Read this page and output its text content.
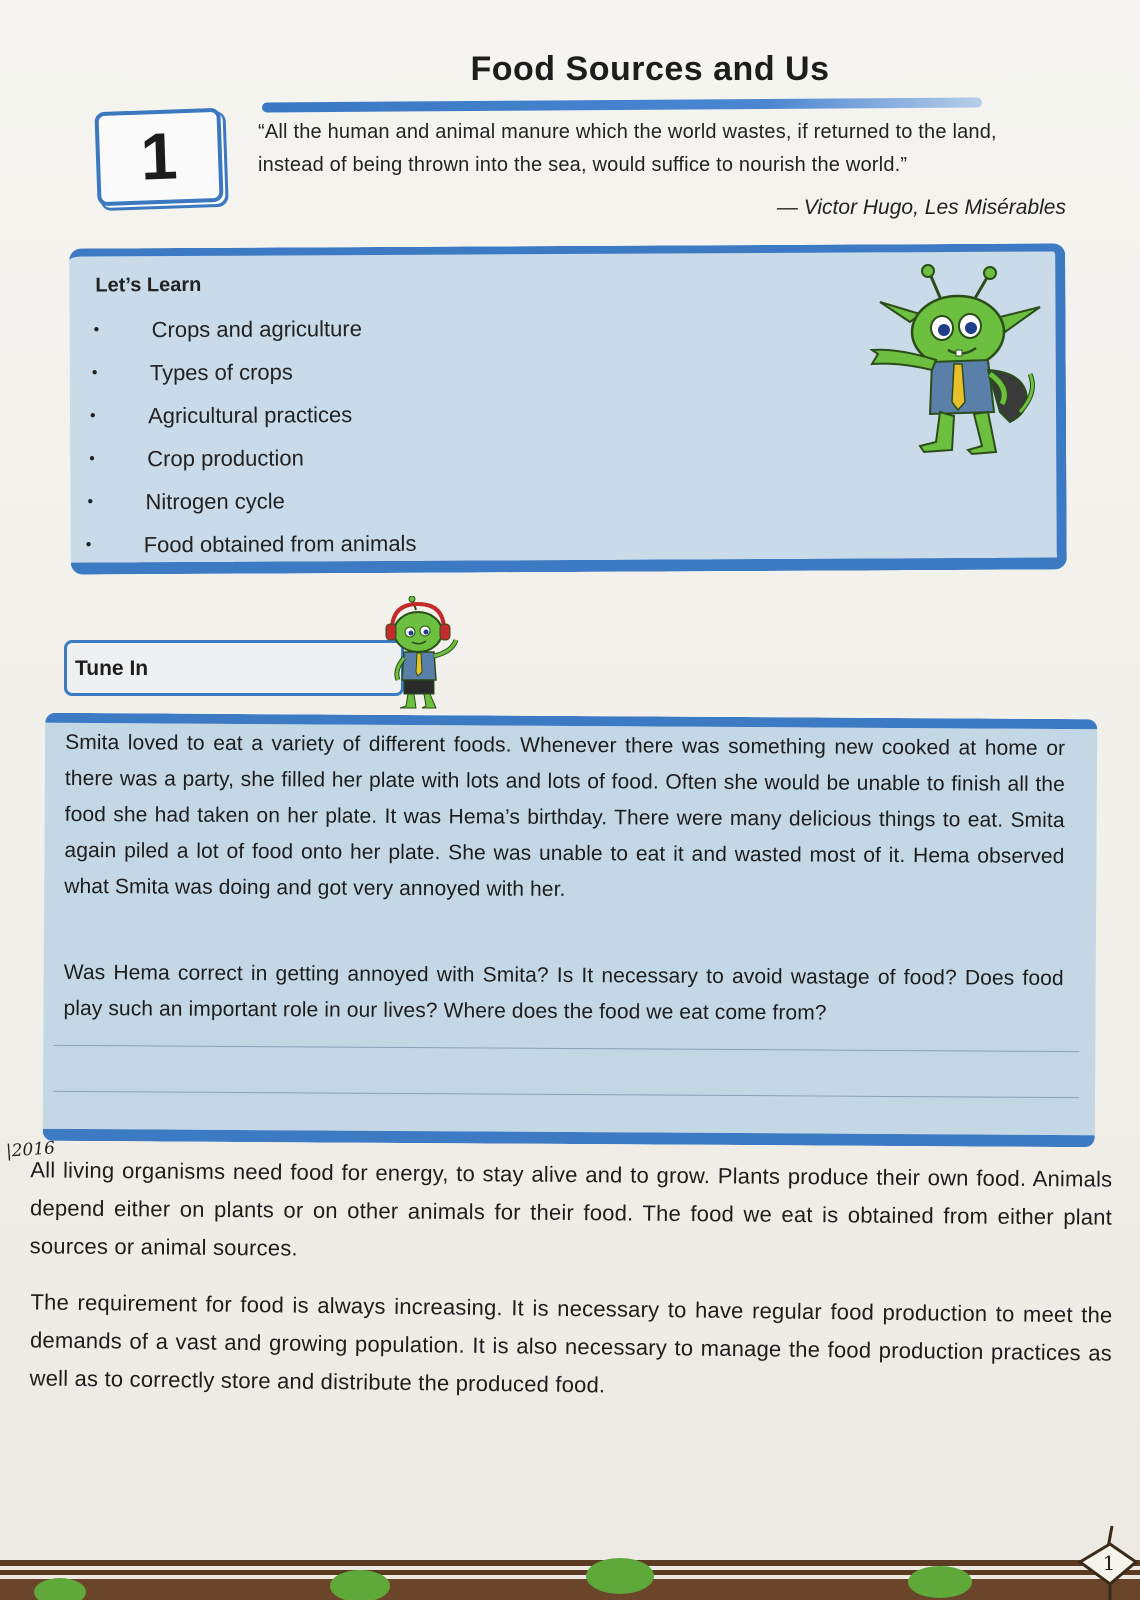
Food Sources and Us
1	“All the human and animal manure which the world wastes, if returned to the land, instead of being thrown into the sea, would suffice to nourish the world.”
— Victor Hugo, Les Misérables
Let’s Learn
• Crops and agriculture
• Types of crops
• Agricultural practices
• Crop production
• Nitrogen cycle
• Food obtained from animals
Tune In

Smita loved to eat a variety of different foods. Whenever there was something new cooked at home or there was a party, she filled her plate with lots and lots of food. Often she would be unable to finish all the food she had taken on her plate. It was Hema’s birthday. There were many delicious things to eat. Smita again piled a lot of food onto her plate. She was unable to eat it and wasted most of it. Hema observed what Smita was doing and got very annoyed with her.

Was Hema correct in getting annoyed with Smita? Is It necessary to avoid wastage of food? Does food play such an important role in our lives? Where does the food we eat come from?

|2016

All living organisms need food for energy, to stay alive and to grow. Plants produce their own food. Animals depend either on plants or on other animals for their food. The food we eat is obtained from either plant sources or animal sources.

The requirement for food is always increasing. It is necessary to have regular food production to meet the demands of a vast and growing population. It is also necessary to manage the food production practices as well as to correctly store and distribute the produced food.

1
